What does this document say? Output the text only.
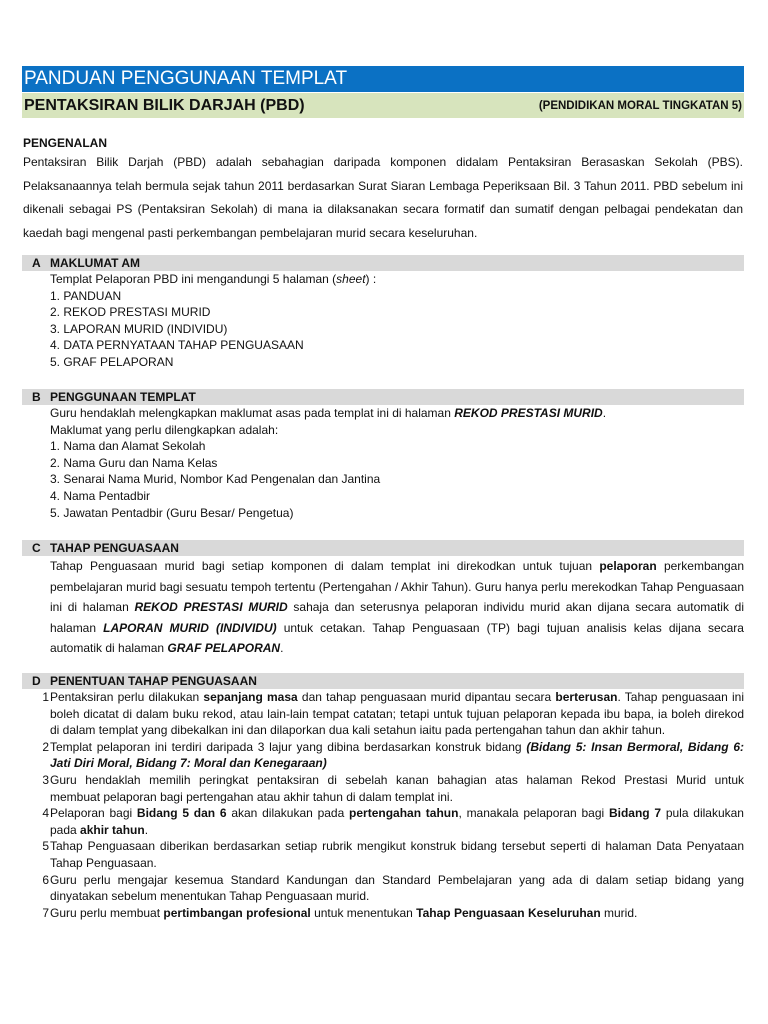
PANDUAN PENGGUNAAN TEMPLAT
PENTAKSIRAN BILIK DARJAH (PBD)	(PENDIDIKAN MORAL TINGKATAN 5)
PENGENALAN

Pentaksiran Bilik Darjah (PBD) adalah sebahagian daripada komponen didalam Pentaksiran Berasaskan Sekolah (PBS). Pelaksanaannya telah bermula sejak tahun 2011 berdasarkan Surat Siaran Lembaga Peperiksaan Bil. 3 Tahun 2011. PBD sebelum ini dikenali sebagai PS (Pentaksiran Sekolah) di mana ia dilaksanakan secara formatif dan sumatif dengan pelbagai pendekatan dan kaedah bagi mengenal pasti perkembangan pembelajaran murid secara keseluruhan.

A MAKLUMAT AM
Templat Pelaporan PBD ini mengandungi 5 halaman (sheet) :
1. PANDUAN
2. REKOD PRESTASI MURID
3. LAPORAN MURID (INDIVIDU)
4. DATA PERNYATAAN TAHAP PENGUASAAN
5. GRAF PELAPORAN
B PENGGUNAAN TEMPLAT
Guru hendaklah melengkapkan maklumat asas pada templat ini di halaman REKOD PRESTASI MURID.
Maklumat yang perlu dilengkapkan adalah:
1. Nama dan Alamat Sekolah
2. Nama Guru dan Nama Kelas
3. Senarai Nama Murid, Nombor Kad Pengenalan dan Jantina
4. Nama Pentadbir
5. Jawatan Pentadbir (Guru Besar/ Pengetua)
C TAHAP PENGUASAAN

Tahap Penguasaan murid bagi setiap komponen di dalam templat ini direkodkan untuk tujuan pelaporan perkembangan pembelajaran murid bagi sesuatu tempoh tertentu (Pertengahan / Akhir Tahun). Guru hanya perlu merekodkan Tahap Penguasaan ini di halaman REKOD PRESTASI MURID sahaja dan seterusnya pelaporan individu murid akan dijana secara automatik di halaman LAPORAN MURID (INDIVIDU) untuk cetakan. Tahap Penguasaan (TP) bagi tujuan analisis kelas dijana secara automatik di halaman GRAF PELAPORAN.

D PENENTUAN TAHAP PENGUASAAN
1 Pentaksiran perlu dilakukan sepanjang masa dan tahap penguasaan murid dipantau secara berterusan. Tahap penguasaan ini boleh dicatat di dalam buku rekod, atau lain-lain tempat catatan; tetapi untuk tujuan pelaporan kepada ibu bapa, ia boleh direkod di dalam templat yang dibekalkan ini dan dilaporkan dua kali setahun iaitu pada pertengahan tahun dan akhir tahun.
2 Templat pelaporan ini terdiri daripada 3 lajur yang dibina berdasarkan konstruk bidang (Bidang 5: Insan Bermoral, Bidang 6: Jati Diri Moral, Bidang 7: Moral dan Kenegaraan)
3 Guru hendaklah memilih peringkat pentaksiran di sebelah kanan bahagian atas halaman Rekod Prestasi Murid untuk
membuat pelaporan bagi pertengahan atau akhir tahun di dalam templat ini.
4 Pelaporan bagi Bidang 5 dan 6 akan dilakukan pada pertengahan tahun, manakala pelaporan bagi Bidang 7 pula dilakukan pada akhir tahun.
5 Tahap Penguasaan diberikan berdasarkan setiap rubrik mengikut konstruk bidang tersebut seperti di halaman Data Penyataan Tahap Penguasaan.
6 Guru perlu mengajar kesemua Standard Kandungan dan Standard Pembelajaran yang ada di dalam setiap bidang yang
dinyatakan sebelum menentukan Tahap Penguasaan murid.
7 Guru perlu membuat pertimbangan profesional untuk menentukan Tahap Penguasaan Keseluruhan murid.
